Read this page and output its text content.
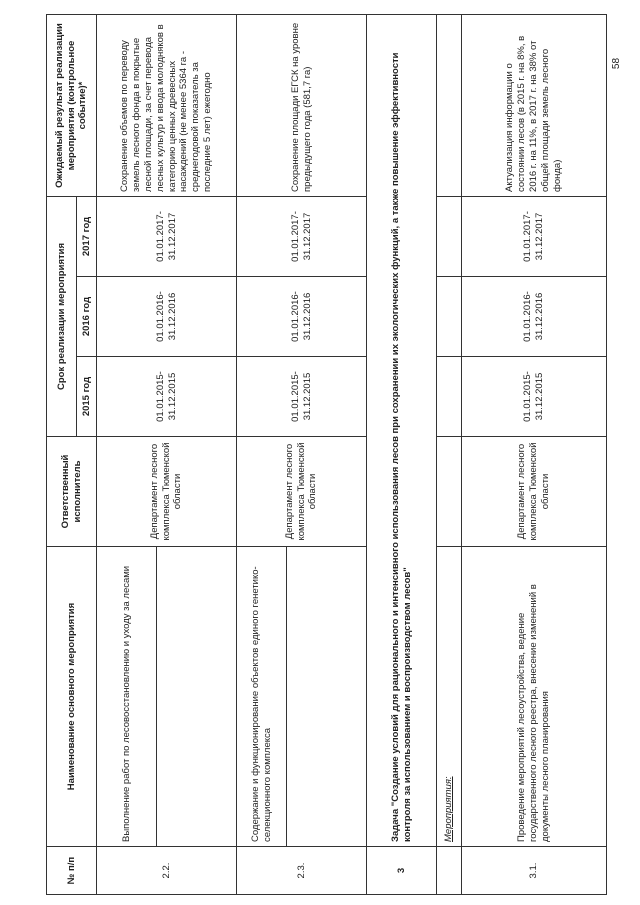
58
№ п/п	Наименование основного мероприятия	Ответственный исполнитель	Срок реализации мероприятия			Ожидаемый результат реализации мероприятия (контрольное событие)*
			2015 год	2016 год	2017 год	
2.2.	Выполнение работ по лесовосстановлению и уходу за лесами	Департамент лесного комплекса Тюменской области	01.01.2015-31.12.2015	01.01.2016-31.12.2016	01.01.2017-31.12.2017	Сохранение объемов по переводу земель лесного фонда в покрытые лесной площади, за счет перевода лесных культур и ввода молодняков в категорию ценных древесных насаждений (не менее 5364 га - среднегодовой показатель за последние 5 лет) ежегодно

2.3.	Содержание и функционирование объектов единого генетико-селекционного комплекса	Департамент лесного комплекса Тюменской области	01.01.2015-31.12.2015	01.01.2016-31.12.2016	01.01.2017-31.12.2017	Сохранение площади ЕГСК на уровне предыдущего года (581,7 га)

3	Задача "Создание условий для рационального и интенсивного использования лесов при сохранении их экологических функций, а также повышение эффективности контроля за использованием и воспроизводством лесов"					
	Мероприятия:					
3.1.	Проведение мероприятий лесоустройства, ведение государственного лесного реестра, внесение изменений в документы лесного планирования	Департамент лесного комплекса Тюменской области	01.01.2015-31.12.2015	01.01.2016-31.12.2016	01.01.2017-31.12.2017	Актуализация информации о состоянии лесов (в 2015 г. на 8%, в 2016 г. на 11%, в 2017 г. на 38% от общей площади земель лесного фонда)
